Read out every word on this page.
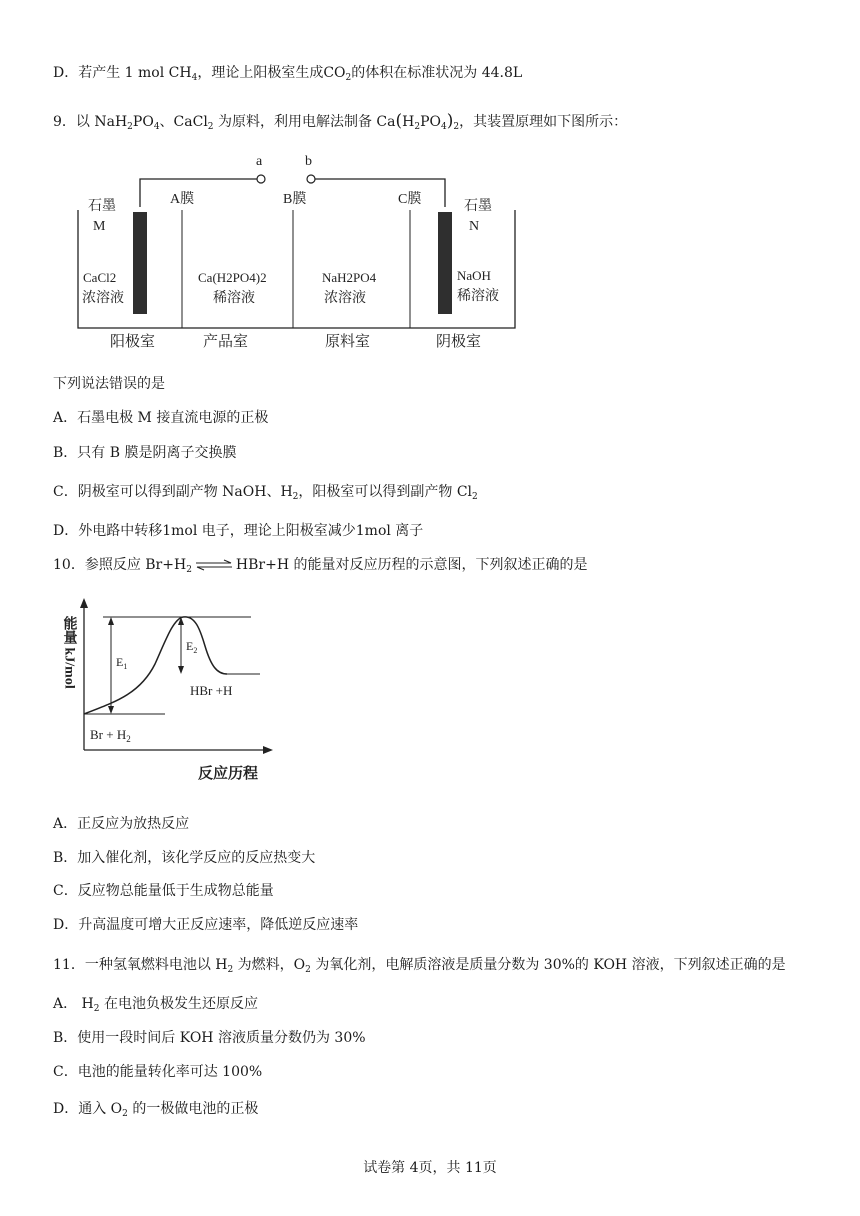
D．若产生 1 mol $CH_4$，理论上阳极室生成$CO_2$的体积在标准状况为 44.8L
9．以 $NaH_2PO_4$、CaCl$_2$ 为原料，利用电解法制备 $Ca(H_2PO_4)_2$，其装置原理如下图所示：
a	b
石墨
M
A膜	B膜	C膜	石墨
N
CaCl2
浓溶液
Ca(H2PO4)2
稀溶液
NaH2PO4
浓溶液
NaOH
稀溶液
阳极室	产品室	原料室	阴极室
下列说法错误的是
A．石墨电极 M 接直流电源的正极
B．只有 B 膜是阴离子交换膜
C．阴极室可以得到副产物 NaOH、$H_2$，阳极室可以得到副产物 $Cl_2$
D．外电路中转移1mol 电子，理论上阳极室减少1mol 离子
10．参照反应 $Br+H_2$ ⇌ HBr+H 的能量对反应历程的示意图，下列叙述正确的是
能量 kJ/mol	$E_1$
$E_2$
HBr +H
$Br + H_2$
反应历程
A．正反应为放热反应
B．加入催化剂，该化学反应的反应热变大
C．反应物总能量低于生成物总能量
D．升高温度可增大正反应速率，降低逆反应速率
11．一种氢氧燃料电池以 $H_2$ 为燃料，$O_2$ 为氧化剂，电解质溶液是质量分数为 30%的 KOH 溶液，下列叙述正确的是
A． $H_2$ 在电池负极发生还原反应
B．使用一段时间后 KOH 溶液质量分数仍为 30%
C．电池的能量转化率可达 100%
D．通入 $O_2$ 的一极做电池的正极
试卷第 4页，共 11页
